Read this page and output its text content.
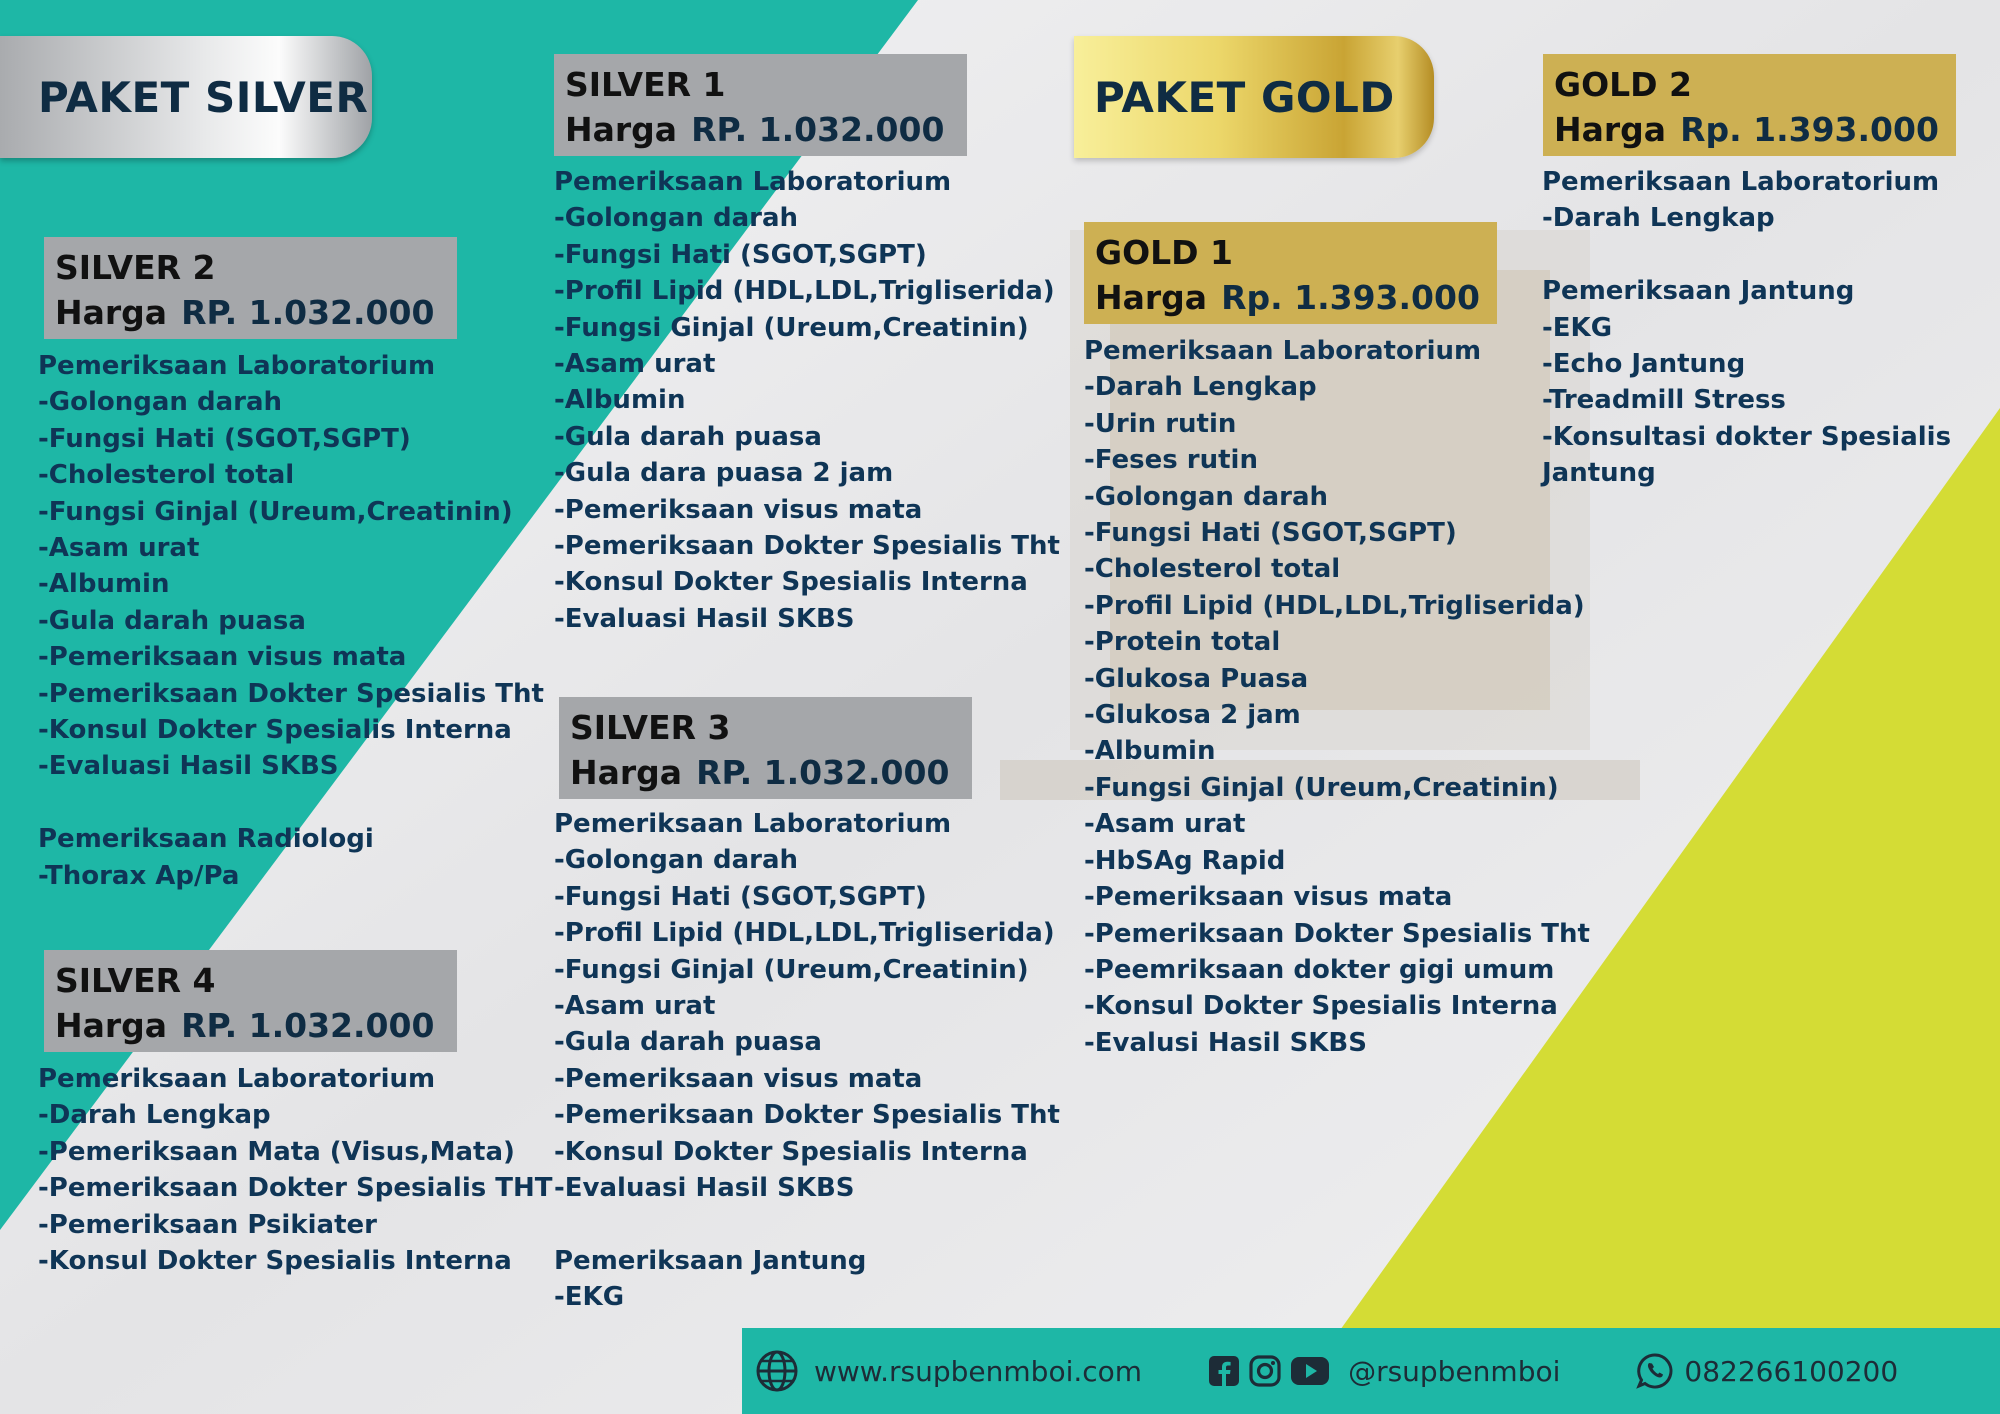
PAKET SILVER	PAKET GOLD
SILVER 1
Harga RP. 1.032.000
Pemeriksaan Laboratorium
-Golongan darah
-Fungsi Hati (SGOT,SGPT)
-Profil Lipid (HDL,LDL,Trigliserida)
-Fungsi Ginjal (Ureum,Creatinin)
-Asam urat
-Albumin
-Gula darah puasa
-Gula dara puasa 2 jam
-Pemeriksaan visus mata
-Pemeriksaan Dokter Spesialis Tht
-Konsul Dokter Spesialis Interna
-Evaluasi Hasil SKBS
SILVER 2
Harga RP. 1.032.000
Pemeriksaan Laboratorium
-Golongan darah
-Fungsi Hati (SGOT,SGPT)
-Cholesterol total
-Fungsi Ginjal (Ureum,Creatinin)
-Asam urat
-Albumin
-Gula darah puasa
-Pemeriksaan visus mata
-Pemeriksaan Dokter Spesialis Tht
-Konsul Dokter Spesialis Interna
-Evaluasi Hasil SKBS
Pemeriksaan Radiologi
-Thorax Ap/Pa
SILVER 3
Harga RP. 1.032.000
Pemeriksaan Laboratorium
-Golongan darah
-Fungsi Hati (SGOT,SGPT)
-Profil Lipid (HDL,LDL,Trigliserida)
-Fungsi Ginjal (Ureum,Creatinin)
-Asam urat
-Gula darah puasa
-Pemeriksaan visus mata
-Pemeriksaan Dokter Spesialis Tht
-Konsul Dokter Spesialis Interna
-Evaluasi Hasil SKBS
Pemeriksaan Jantung
-EKG
SILVER 4
Harga RP. 1.032.000
Pemeriksaan Laboratorium
-Darah Lengkap
-Pemeriksaan Mata (Visus,Mata)
-Pemeriksaan Dokter Spesialis THT
-Pemeriksaan Psikiater
-Konsul Dokter Spesialis Interna
GOLD 1
Harga Rp. 1.393.000
Pemeriksaan Laboratorium
-Darah Lengkap
-Urin rutin
-Feses rutin
-Golongan darah
-Fungsi Hati (SGOT,SGPT)
-Cholesterol total
-Profil Lipid (HDL,LDL,Trigliserida)
-Protein total
-Glukosa Puasa
-Glukosa 2 jam
-Albumin
-Fungsi Ginjal (Ureum,Creatinin)
-Asam urat
-HbSAg Rapid
-Pemeriksaan visus mata
-Pemeriksaan Dokter Spesialis Tht
-Peemriksaan dokter gigi umum
-Konsul Dokter Spesialis Interna
-Evalusi Hasil SKBS
GOLD 2
Harga Rp. 1.393.000
Pemeriksaan Laboratorium
-Darah Lengkap
Pemeriksaan Jantung
-EKG
-Echo Jantung
-Treadmill Stress
-Konsultasi dokter Spesialis
Jantung
www.rsupbenmboi.com	@rsupbenmboi	082266100200
